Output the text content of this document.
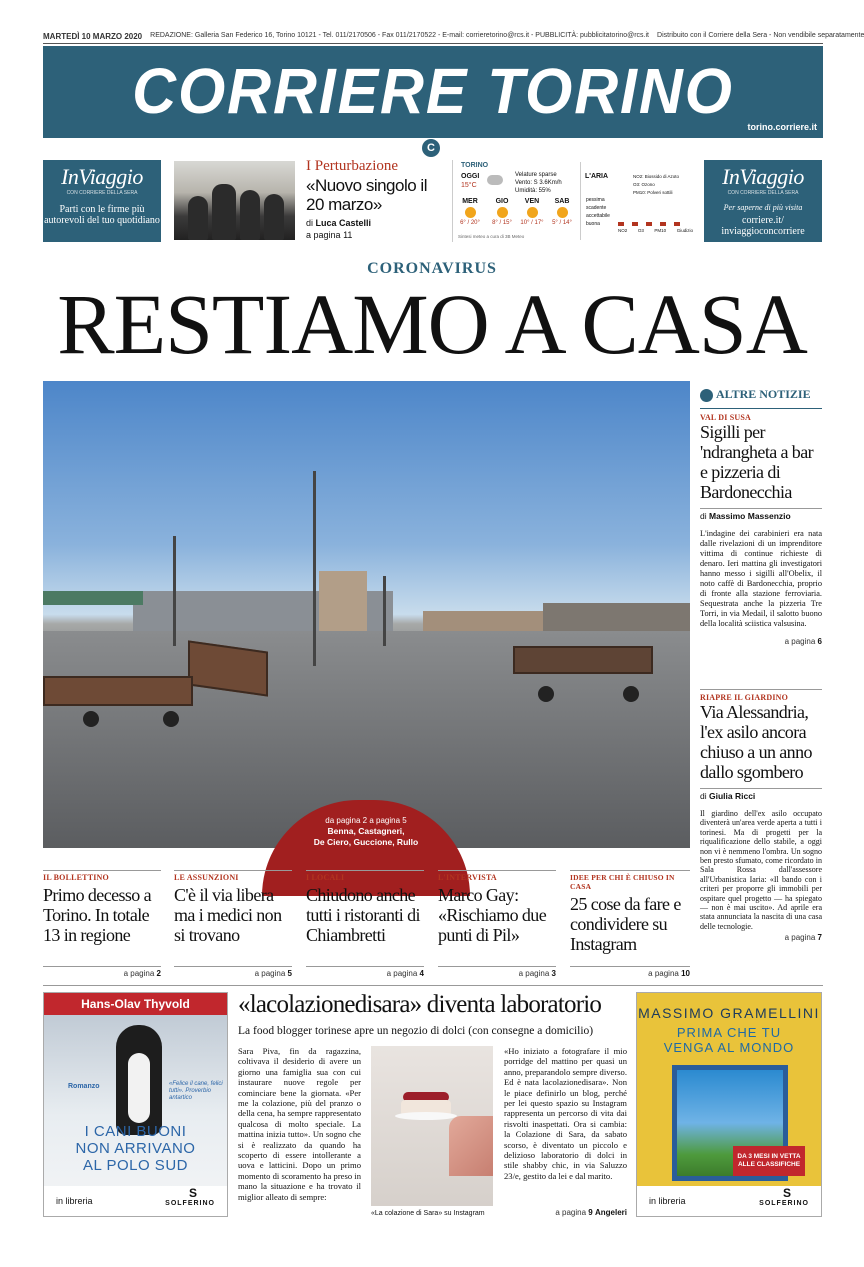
MARTEDÌ 10 MARZO 2020 REDAZIONE: Galleria San Federico 16, Torino 10121 - Tel. 011/2170506 - Fax 011/2170522 - E-mail: corrieretorino@rcs.it - PUBBLICITÀ: pubblicitatorino@rcs.it Distribuito con il Corriere della Sera - Non vendibile separatamente
CORRIERE TORINO	torino.corriere.it
C
InViaggio
CON CORRIERE DELLA SERA
Parti con le firme più autorevoli del tuo quotidiano
I Perturbazione
«Nuovo singolo il 20 marzo»
di Luca Castelli
a pagina 11
TORINO
OGGI
15°C
Velature sparse
Vento: S 3.6Km/h
Umidità: 55%
MER
6° / 20°
GIO
8° / 15°
VEN
10° / 17°
SAB
5° / 14°
Sintesi meteo a cura di 3B Meteo
L'ARIA	NO2: Biossido di Azoto
O3: Ozono
PM10: Polveri sottili
pessima
scadente
accettabile
buona
NO2 O3 PM10 Giudizio
InViaggio
CON CORRIERE DELLA SERA
Per saperne di più visita
corriere.it/ inviaggioconcorriere
CORONAVIRUS
RESTIAMO A CASA
da pagina 2 a pagina 5
Benna, Castagneri,
De Ciero, Guccione, Rullo
ALTRE NOTIZIE
VAL DI SUSA
Sigilli per 'ndrangheta a bar e pizzeria di Bardonecchia
di Massimo Massenzio
L'indagine dei carabinieri era nata dalle rivelazioni di un imprenditore vittima di continue richieste di denaro. Ieri mattina gli investigatori hanno messo i sigilli all'Obelix, il noto caffè di Bardonecchia, proprio di fronte alla stazione ferroviaria. Sequestrata anche la pizzeria Tre Torri, in via Medail, il salotto buono della località sciistica valsusina.
a pagina 6
RIAPRE IL GIARDINO
Via Alessandria, l'ex asilo ancora chiuso a un anno dallo sgombero
di Giulia Ricci
Il giardino dell'ex asilo occupato diventerà un'area verde aperta a tutti i torinesi. Ma di progetti per la riqualificazione dello stabile, a oggi non vi è nemmeno l'ombra. Un sogno ben presto sfumato, come ricordato in Sala Rossa dall'assessore all'Urbanistica Iaria: «Il bando con i criteri per proporre gli immobili per ospitare quel progetto — ha spiegato — non è mai uscito». Ad aprile era stata annunciata la nascita di una casa delle tecnologie.
a pagina 7
IL BOLLETTINO
Primo decesso a Torino. In totale 13 in regione
a pagina 2
LE ASSUNZIONI
C'è il via libera ma i medici non si trovano
a pagina 5
I LOCALI
Chiudono anche tutti i ristoranti di Chiambretti
a pagina 4
L'INTERVISTA
Marco Gay: «Rischiamo due punti di Pil»
a pagina 3
IDEE PER CHI È CHIUSO IN CASA
25 cose da fare e condividere su Instagram
a pagina 10
Hans-Olav Thyvold
Romanzo	«Felice il cane, felici tutti». Proverbio antartico
I CANI BUONI NON ARRIVANO AL POLO SUD
in libreria
S
SOLFERINO
«lacolazionedisara» diventa laboratorio
La food blogger torinese apre un negozio di dolci (con consegne a domicilio)
Sara Piva, fin da ragazzina, coltivava il desiderio di avere un giorno una famiglia sua con cui instaurare nuove regole per cominciare bene la giornata. «Per me la colazione, più del pranzo o della cena, ha sempre rappresentato qualcosa di molto speciale. La mattina inizia tutto». Un sogno che si è realizzato da quando ha scoperto di essere intollerante a uova e latticini. Dopo un primo momento di scoramento ha preso in mano la situazione e ha trovato il miglior alleato di sempre:
«La colazione di Sara» su Instagram
«Ho iniziato a fotografare il mio porridge del mattino per quasi un anno, preparandolo sempre diverso. Ed è nata lacolazionedisara». Non le piace definirlo un blog, perché per lei questo spazio su Instagram rappresenta un percorso di vita dai risvolti inaspettati. Ora si cambia: la Colazione di Sara, da sabato scorso, è diventato un piccolo e delizioso laboratorio di dolci in stile shabby chic, in via Saluzzo 23/e, gestito da lei e dal marito.
a pagina 9 Angeleri
MASSIMO GRAMELLINI
PRIMA CHE TU VENGA AL MONDO
DA 3 MESI IN VETTA ALLE CLASSIFICHE
in libreria
S
SOLFERINO
